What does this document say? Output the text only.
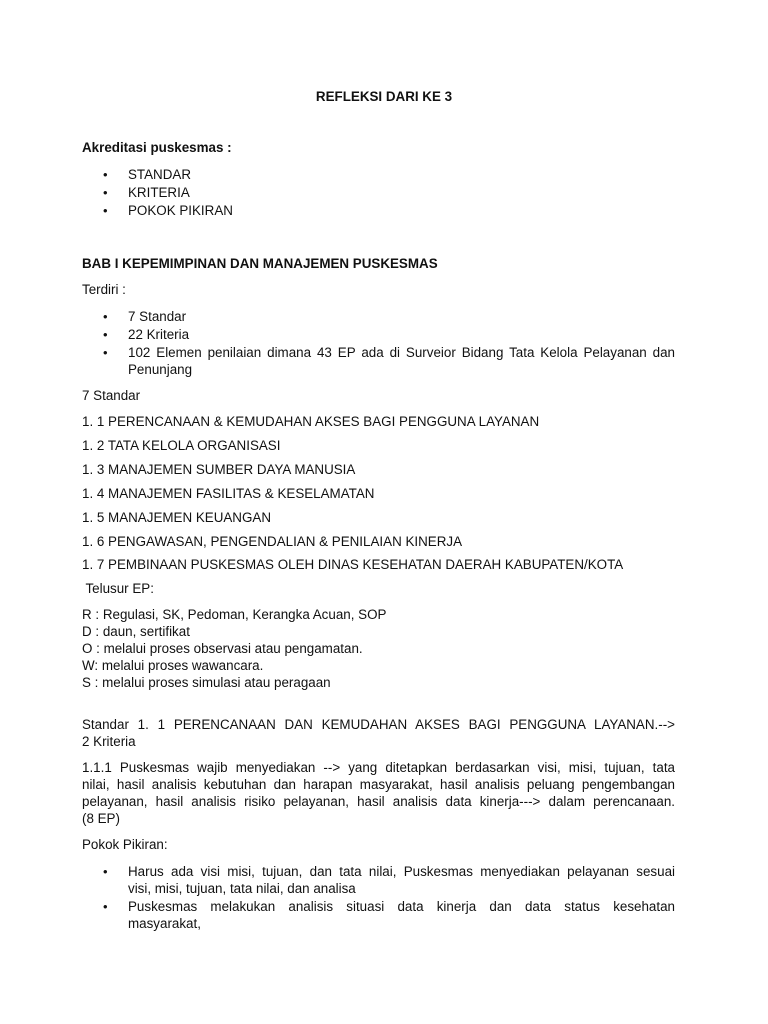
REFLEKSI DARI KE 3
Akreditasi puskesmas :
• STANDAR
• KRITERIA
• POKOK PIKIRAN
BAB I KEPEMIMPINAN DAN MANAJEMEN PUSKESMAS
Terdiri :
• 7 Standar
• 22 Kriteria
• 102 Elemen penilaian dimana 43 EP ada di Surveior Bidang Tata Kelola Pelayanan dan Penunjang
7 Standar
1. 1 PERENCANAAN & KEMUDAHAN AKSES BAGI PENGGUNA LAYANAN
1. 2 TATA KELOLA ORGANISASI
1. 3 MANAJEMEN SUMBER DAYA MANUSIA
1. 4 MANAJEMEN FASILITAS & KESELAMATAN
1. 5 MANAJEMEN KEUANGAN
1. 6 PENGAWASAN, PENGENDALIAN & PENILAIAN KINERJA
1. 7 PEMBINAAN PUSKESMAS OLEH DINAS KESEHATAN DAERAH KABUPATEN/KOTA
Telusur EP:
R : Regulasi, SK, Pedoman, Kerangka Acuan, SOP
D : daun, sertifikat
O : melalui proses observasi atau pengamatan.
W: melalui proses wawancara.
S : melalui proses simulasi atau peragaan
Standar 1. 1 PERENCANAAN DAN KEMUDAHAN AKSES BAGI PENGGUNA LAYANAN.-->
2 Kriteria
1.1.1 Puskesmas wajib menyediakan --> yang ditetapkan berdasarkan visi, misi, tujuan, tata
nilai, hasil analisis kebutuhan dan harapan masyarakat, hasil analisis peluang pengembangan
pelayanan, hasil analisis risiko pelayanan, hasil analisis data kinerja---> dalam perencanaan.
(8 EP)
Pokok Pikiran:
• Harus ada visi misi, tujuan, dan tata nilai, Puskesmas menyediakan pelayanan sesuai
visi, misi, tujuan, tata nilai, dan analisa
• Puskesmas melakukan analisis situasi data kinerja dan data status kesehatan
masyarakat,
